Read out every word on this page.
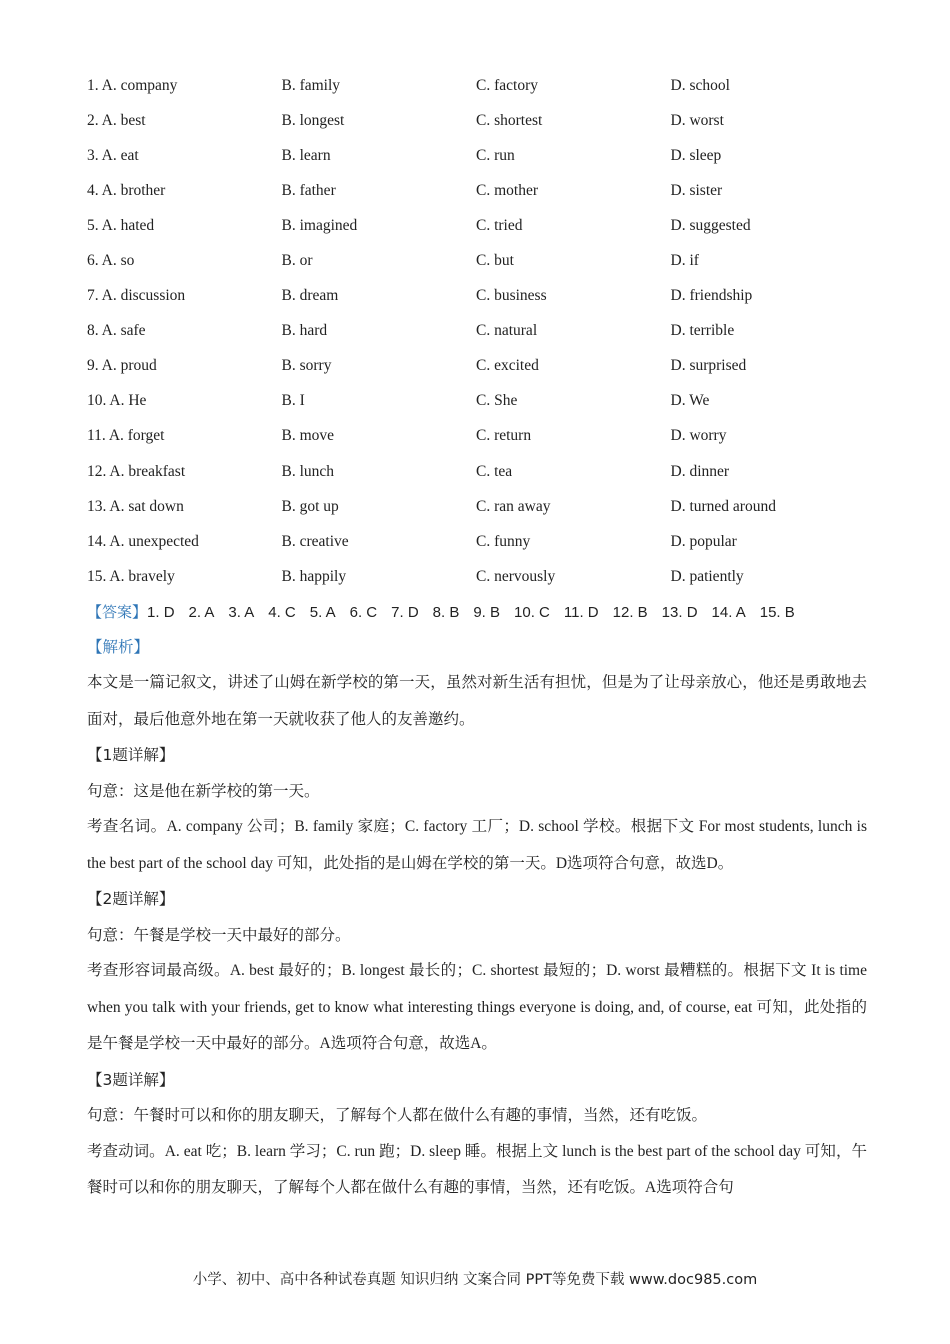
1. A. company	B. family	C. factory	D. school
2. A. best	B. longest	C. shortest	D. worst
3. A. eat	B. learn	C. run	D. sleep
4. A. brother	B. father	C. mother	D. sister
5. A. hated	B. imagined	C. tried	D. suggested
6. A. so	B. or	C. but	D. if
7. A. discussion	B. dream	C. business	D. friendship
8. A. safe	B. hard	C. natural	D. terrible
9. A. proud	B. sorry	C. excited	D. surprised
10. A. He	B. I	C. She	D. We
11. A. forget	B. move	C. return	D. worry
12. A. breakfast	B. lunch	C. tea	D. dinner
13. A. sat down	B. got up	C. ran away	D. turned around
14. A. unexpected	B. creative	C. funny	D. popular
15. A. bravely	B. happily	C. nervously	D. patiently
【答案】 1. D 2. A 3. A 4. C 5. A 6. C 7. D 8. B 9. B 10. C 11. D 12. B 13. D 14. A 15. B
【解析】
本文是一篇记叙文，讲述了山姆在新学校的第一天，虽然对新生活有担忧，但是为了让母亲放心，他还是勇敢地去面对，最后他意外地在第一天就收获了他人的友善邀约。
【1题详解】
句意：这是他在新学校的第一天。
考查名词。A. company 公司；B. family 家庭；C. factory 工厂；D. school 学校。根据下文 For most students, lunch is the best part of the school day 可知，此处指的是山姆在学校的第一天。D选项符合句意，故选D。
【2题详解】
句意：午餐是学校一天中最好的部分。
考查形容词最高级。A. best 最好的；B. longest 最长的；C. shortest 最短的；D. worst 最糟糕的。根据下文 It is time when you talk with your friends, get to know what interesting things everyone is doing, and, of course, eat 可知，此处指的是午餐是学校一天中最好的部分。A选项符合句意，故选A。
【3题详解】
句意：午餐时可以和你的朋友聊天，了解每个人都在做什么有趣的事情，当然，还有吃饭。
考查动词。A. eat 吃；B. learn 学习；C. run 跑；D. sleep 睡。根据上文 lunch is the best part of the school day 可知，午餐时可以和你的朋友聊天，了解每个人都在做什么有趣的事情，当然，还有吃饭。A选项符合句
小学、初中、高中各种试卷真题 知识归纳 文案合同 PPT等免费下载 www.doc985.com
